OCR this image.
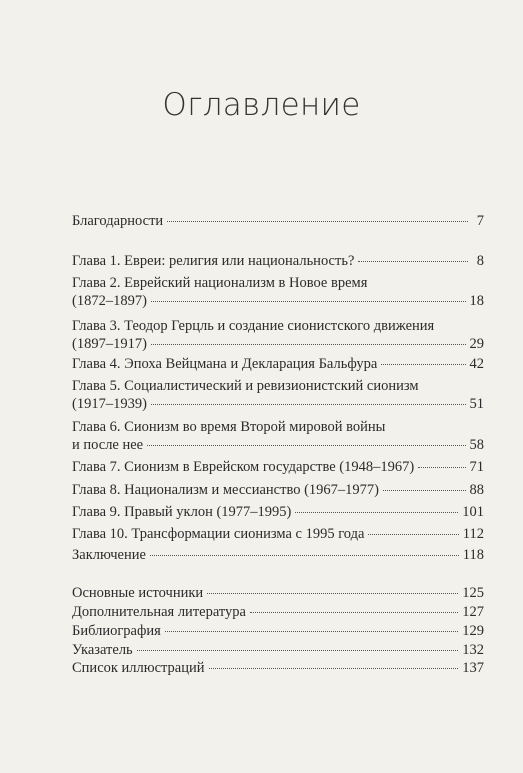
Оглавление
Благодарности	7
Глава 1. Евреи: религия или национальность?	8
Глава 2. Еврейский национализм в Новое время
(1872–1897)	18
Глава 3. Теодор Герцль и создание сионистского движения
(1897–1917)	29
Глава 4. Эпоха Вейцмана и Декларация Бальфура	42
Глава 5. Социалистический и ревизионистский сионизм
(1917–1939)	51
Глава 6. Сионизм во время Второй мировой войны
и после нее	58
Глава 7. Сионизм в Еврейском государстве (1948–1967)	71
Глава 8. Национализм и мессианство (1967–1977)	88
Глава 9. Правый уклон (1977–1995)	101
Глава 10. Трансформации сионизма с 1995 года	112
Заключение	118
Основные источники	125
Дополнительная литература	127
Библиография	129
Указатель	132
Список иллюстраций	137
